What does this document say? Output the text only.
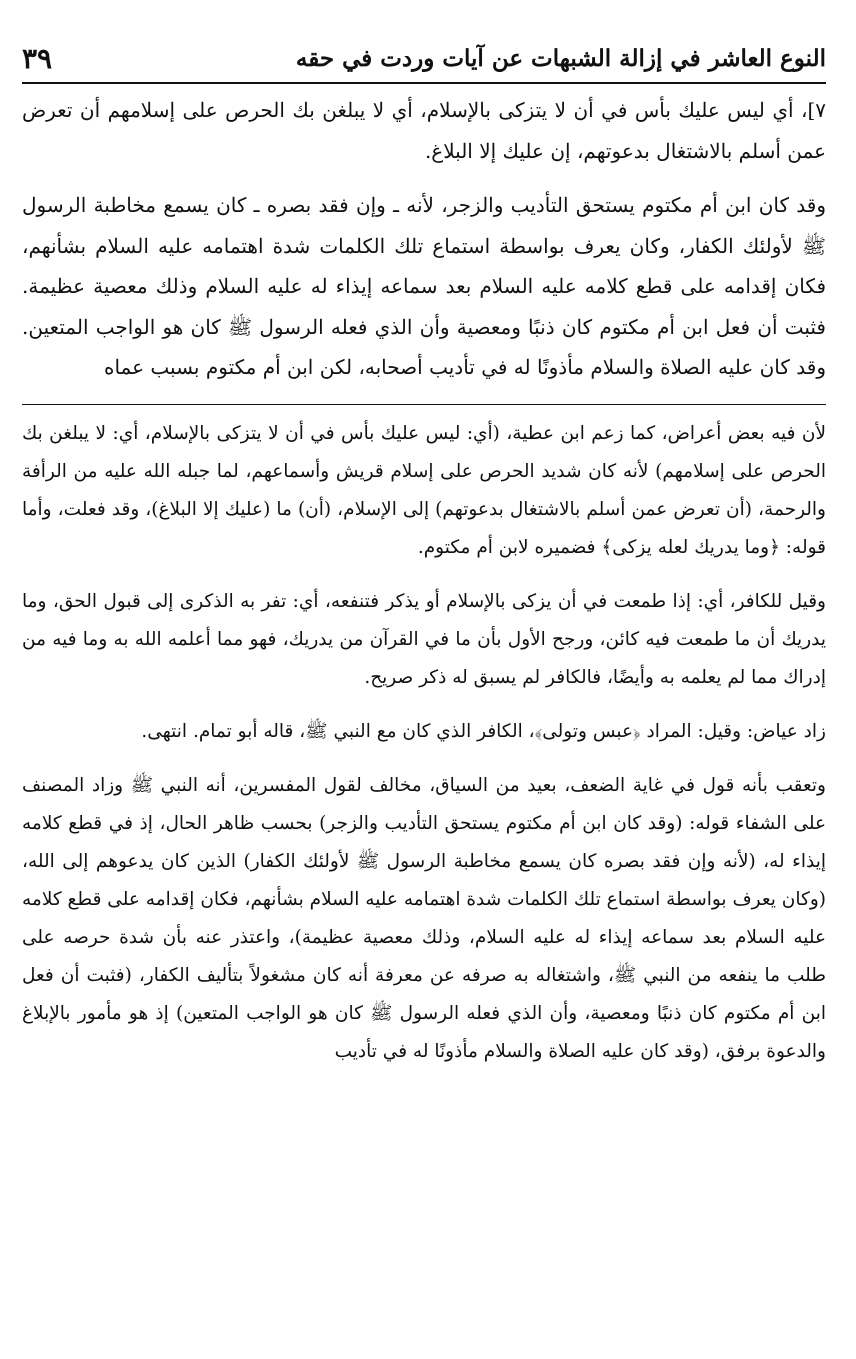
النوع العاشر في إزالة الشبهات عن آيات وردت في حقه
٣٩

٧]، أي ليس عليك بأس في أن لا يتزكى بالإسلام، أي لا يبلغن بك الحرص على إسلامهم أن تعرض عمن أسلم بالاشتغال بدعوتهم، إن عليك إلا البلاغ.

وقد كان ابن أم مكتوم يستحق التأديب والزجر، لأنه ـ وإن فقد بصره ـ كان يسمع مخاطبة الرسول ﷺ لأولئك الكفار، وكان يعرف بواسطة استماع تلك الكلمات شدة اهتمامه عليه السلام بشأنهم، فكان إقدامه على قطع كلامه عليه السلام بعد سماعه إيذاء له عليه السلام وذلك معصية عظيمة. فثبت أن فعل ابن أم مكتوم كان ذنبًا ومعصية وأن الذي فعله الرسول ﷺ كان هو الواجب المتعين. وقد كان عليه الصلاة والسلام مأذونًا له في تأديب أصحابه، لكن ابن أم مكتوم بسبب عماه

لأن فيه بعض أعراض، كما زعم ابن عطية، (أي: ليس عليك بأس في أن لا يتزكى بالإسلام، أي: لا يبلغن بك الحرص على إسلامهم) لأنه كان شديد الحرص على إسلام قريش وأسماعهم، لما جبله الله عليه من الرأفة والرحمة، (أن تعرض عمن أسلم بالاشتغال بدعوتهم) إلى الإسلام، (أن) ما (عليك إلا البلاغ)، وقد فعلت، وأما قوله: ﴿وما يدريك لعله يزكى﴾ فضميره لابن أم مكتوم.

وقيل للكافر، أي: إذا طمعت في أن يزكى بالإسلام أو يذكر فتنفعه، أي: تفر به الذكرى إلى قبول الحق، وما يدريك أن ما طمعت فيه كائن، ورجح الأول بأن ما في القرآن من يدريك، فهو مما أعلمه الله به وما فيه من إدراك مما لم يعلمه به وأيضًا، فالكافر لم يسبق له ذكر صريح.

زاد عياض: وقيل: المراد ﴿عبس وتولى﴾، الكافر الذي كان مع النبي ﷺ، قاله أبو تمام. انتهى.

وتعقب بأنه قول في غاية الضعف، بعيد من السياق، مخالف لقول المفسرين، أنه النبي ﷺ وزاد المصنف على الشفاء قوله: (وقد كان ابن أم مكتوم يستحق التأديب والزجر) بحسب ظاهر الحال، إذ في قطع كلامه إيذاء له، (لأنه وإن فقد بصره كان يسمع مخاطبة الرسول ﷺ لأولئك الكفار) الذين كان يدعوهم إلى الله، (وكان يعرف بواسطة استماع تلك الكلمات شدة اهتمامه عليه السلام بشأنهم، فكان إقدامه على قطع كلامه عليه السلام بعد سماعه إيذاء له عليه السلام، وذلك معصية عظيمة)، واعتذر عنه بأن شدة حرصه على طلب ما ينفعه من النبي ﷺ، واشتغاله به صرفه عن معرفة أنه كان مشغولاً بتأليف الكفار، (فثبت أن فعل ابن أم مكتوم كان ذنبًا ومعصية، وأن الذي فعله الرسول ﷺ كان هو الواجب المتعين) إذ هو مأمور بالإبلاغ والدعوة برفق، (وقد كان عليه الصلاة والسلام مأذونًا له في تأديب
